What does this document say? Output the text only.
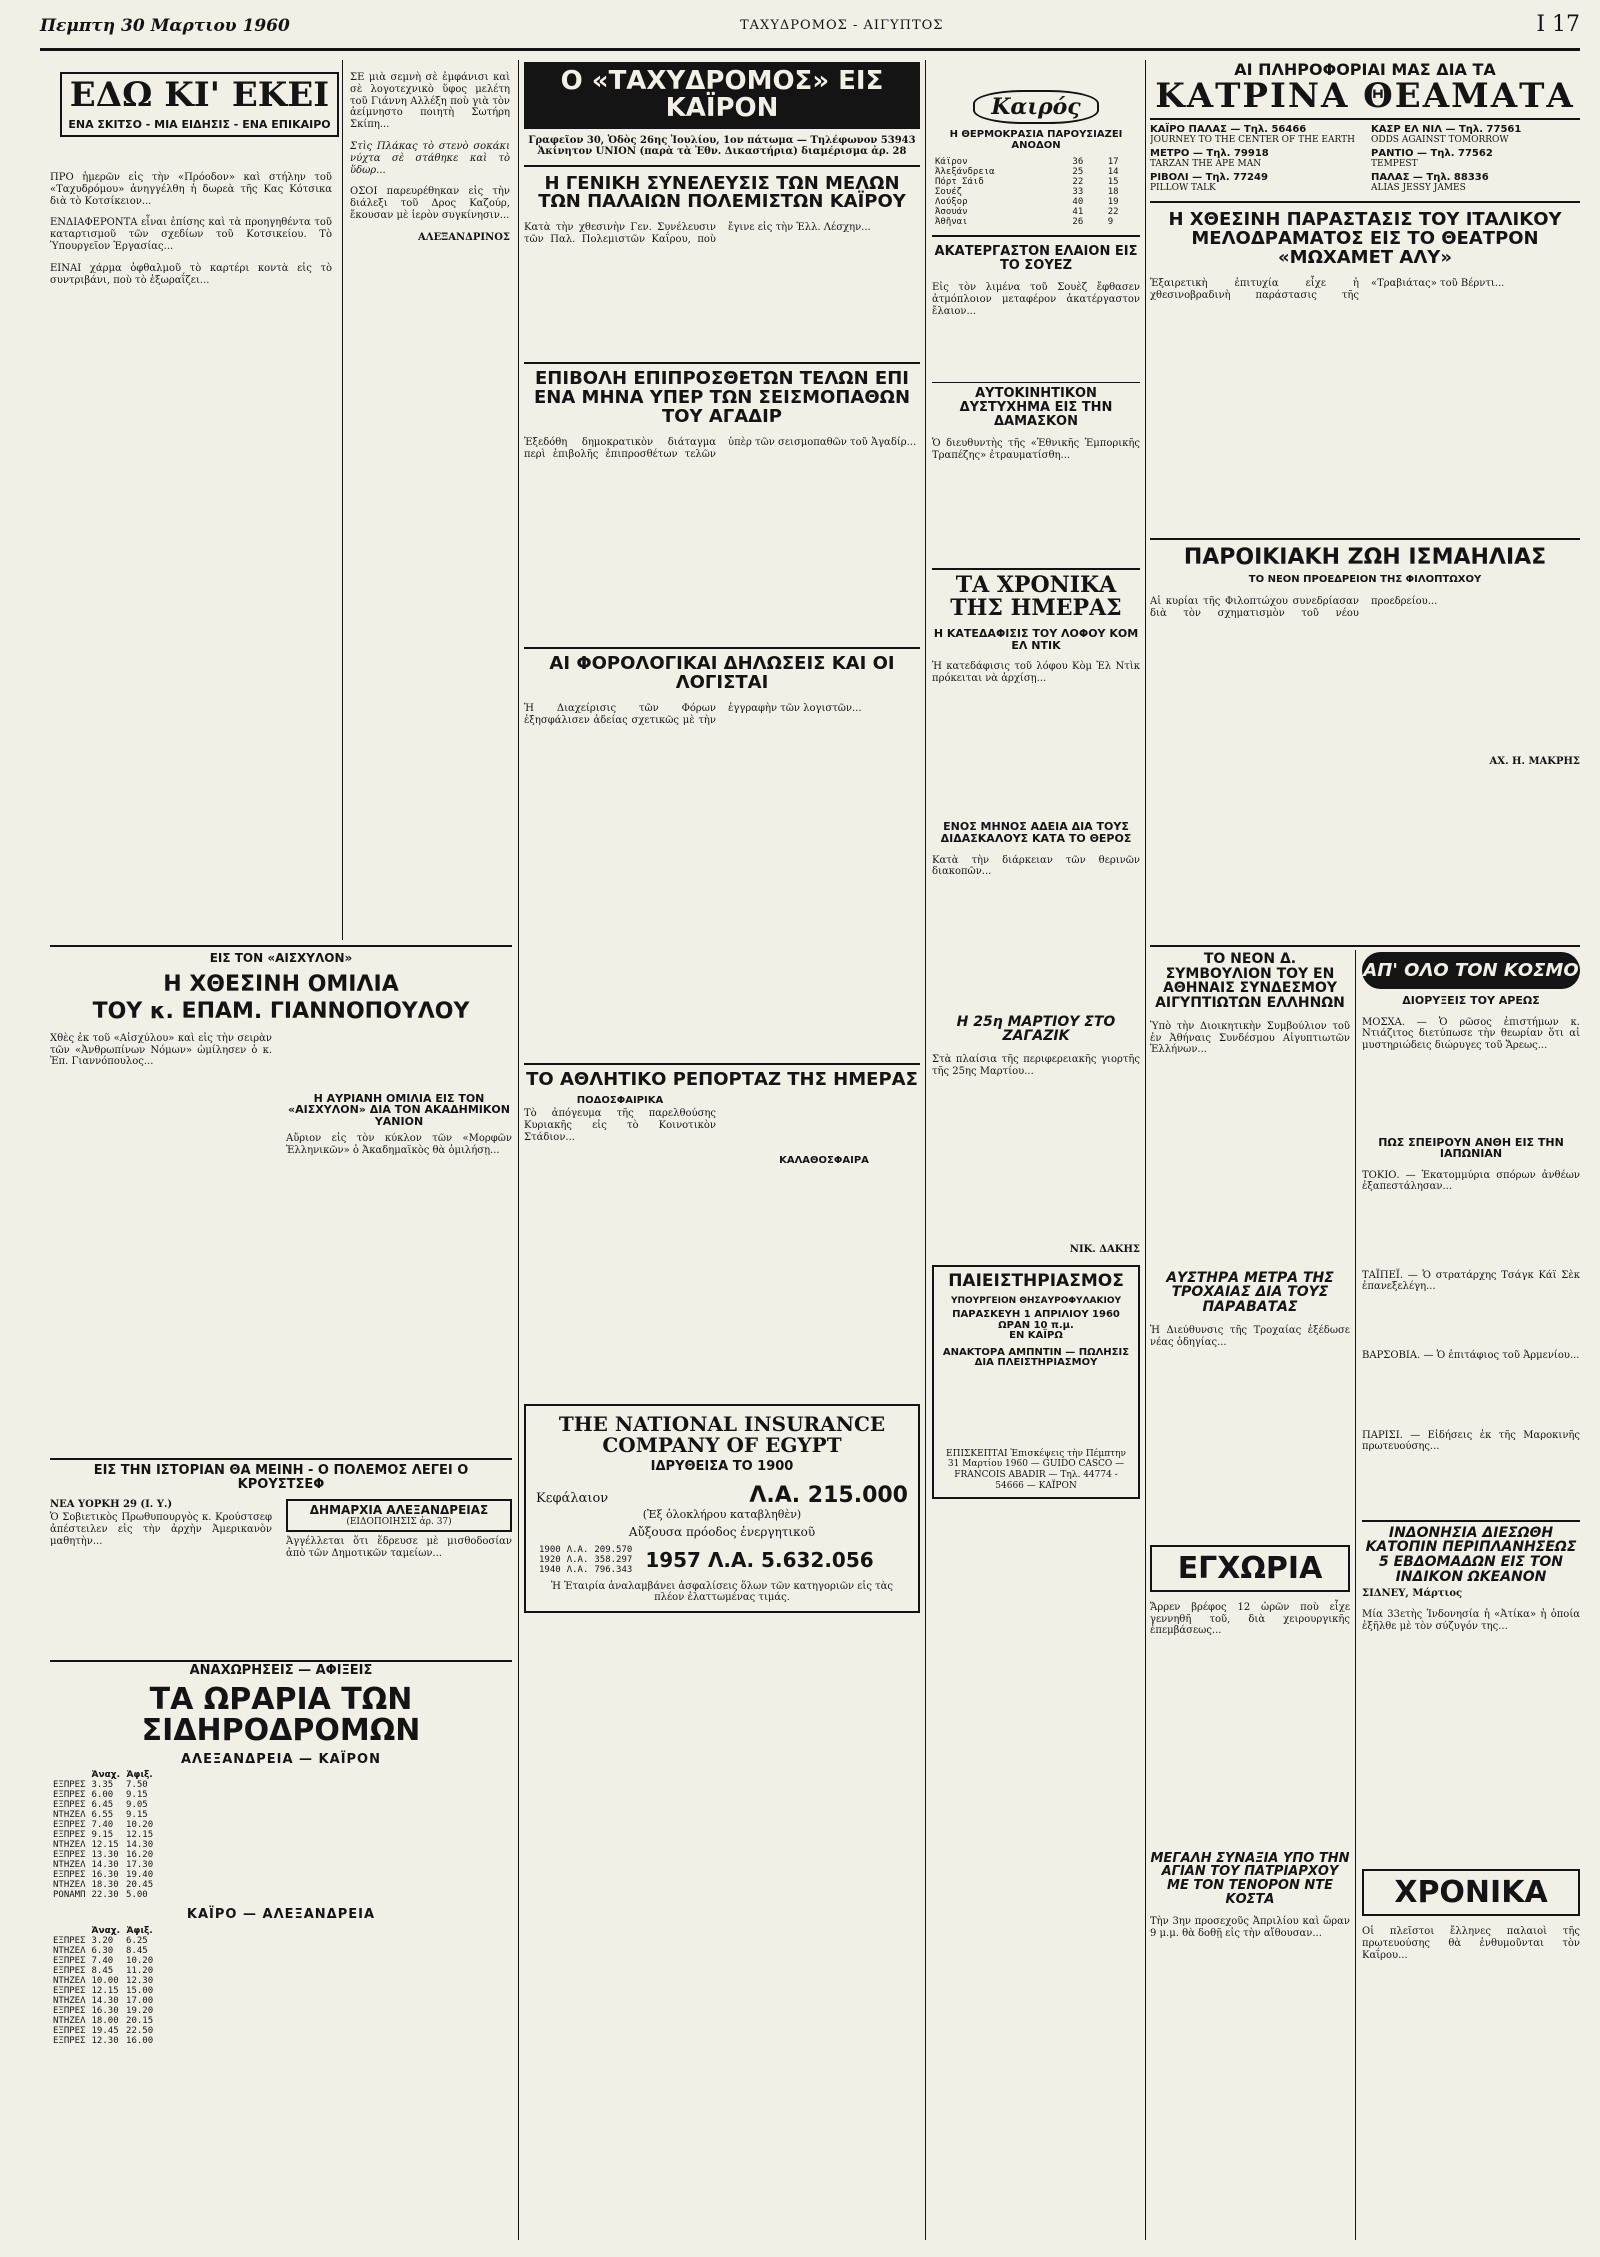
Πεμπτη 30 Μαρτιου 1960	ΤΑΧΥΔΡΟΜΟΣ - ΑΙΓΥΠΤΟΣ	Ι 17
ΕΔΩ ΚΙ' ΕΚΕΙ
ΕΝΑ ΣΚΙΤΣΟ - ΜΙΑ ΕΙΔΗΣΙΣ - ΕΝΑ ΕΠΙΚΑΙΡΟ

ΠΡΟ ἡμερῶν εἰς τὴν «Πρόοδον» καὶ στήλην τοῦ «Ταχυδρόμου» ἀνηγγέλθη ἡ δωρεὰ τῆς Κας Κότσικα διὰ τὸ Κοτσίκειον...

ΕΝΔΙΑΦΕΡΟΝΤΑ εἶναι ἐπίσης καὶ τὰ προηγηθέντα τοῦ καταρτισμοῦ τῶν σχεδίων τοῦ Κοτσικείου. Τὸ Ὑπουργεῖον Ἐργασίας...

ΕΙΝΑΙ χάρμα ὀφθαλμοῦ τὸ καρτέρι κοντὰ εἰς τὸ συντριβάνι, ποὺ τὸ ἐξωραΐζει...

ΣΕ μιὰ σεμνὴ σὲ ἐμφάνισι καὶ σὲ λογοτεχνικὸ ὕφος μελέτη τοῦ Γιάννη Αλλέξη ποὺ γιὰ τὸν ἀείμνηστο ποιητὴ Σωτήρη Σκίπη...

Στὶς Πλάκας τὸ στενὸ σοκάκι νύχτα σὲ στάθηκε καὶ τὸ ὕδωρ...

ΟΣΟΙ παρευρέθηκαν εἰς τὴν διάλεξι τοῦ Δρος Καζούρ, ἔκουσαν μὲ ἱερὸν συγκίνησιν...

ΑΛΕΞΑΝΔΡΙΝΟΣ
ΕΙΣ ΤΟΝ «ΑΙΣΧΥΛΟΝ»
Η ΧΘΕΣΙΝΗ ΟΜΙΛΙΑ
ΤΟΥ κ. ΕΠΑΜ. ΓΙΑΝΝΟΠΟΥΛΟΥ

Χθὲς ἐκ τοῦ «Αἰσχύλου» καὶ εἰς τὴν σειρὰν τῶν «Ἀνθρωπίνων Νόμων» ὡμίλησεν ὁ κ. Ἐπ. Γιαννόπουλος...

Η ΑΥΡΙΑΝΗ ΟΜΙΛΙΑ ΕΙΣ ΤΟΝ «ΑΙΣΧΥΛΟΝ» ΔΙΑ ΤΟΝ ΑΚΑΔΗΜΙΚΟΝ ΥΑΝΙΟΝ

Αὔριον εἰς τὸν κύκλον τῶν «Μορφῶν Ἑλληνικῶν» ὁ Ἀκαδημαϊκὸς θὰ ὁμιλήσῃ...

ΕΙΣ ΤΗΝ ΙΣΤΟΡΙΑΝ ΘΑ ΜΕΙΝΗ - Ο ΠΟΛΕΜΟΣ ΛΕΓΕΙ Ο ΚΡΟΥΣΤΣΕΦ
ΝΕΑ ΥΟΡΚΗ 29 (Ι. Υ.)

Ὁ Σοβιετικὸς Πρωθυπουργὸς κ. Κρούστσεφ ἀπέστειλεν εἰς τὴν ἀρχὴν Ἀμερικανὸν μαθητὴν...

ΔΗΜΑΡΧΙΑ ΑΛΕΞΑΝΔΡΕΙΑΣ
(ΕΙΔΟΠΟΙΗΣΙΣ ἀρ. 37)

Ἀγγέλλεται ὅτι ἕδρευσε μὲ μισθοδοσίαν ἀπὸ τῶν Δημοτικῶν ταμείων...

ΑΝΑΧΩΡΗΣΕΙΣ — ΑΦΙΞΕΙΣ
ΤΑ ΩΡΑΡΙΑ ΤΩΝ ΣΙΔΗΡΟΔΡΟΜΩΝ
ΑΛΕΞΑΝΔΡΕΙΑ — ΚΑΪΡΟΝ
	Ἀναχ.	Ἀφιξ.
ΕΞΠΡΕΣ	3.35	7.50
ΕΞΠΡΕΣ	6.00	9.15
ΕΞΠΡΕΣ	6.45	9.05
ΝΤΗΖΕΛ	6.55	9.15
ΕΞΠΡΕΣ	7.40	10.20
ΕΞΠΡΕΣ	9.15	12.15
ΝΤΗΖΕΛ	12.15	14.30
ΕΞΠΡΕΣ	13.30	16.20
ΝΤΗΖΕΛ	14.30	17.30
ΕΞΠΡΕΣ	16.30	19.40
ΝΤΗΖΕΛ	18.30	20.45
ΡΟΝΑΜΠ	22.30	5.00
ΚΑΪΡΟ — ΑΛΕΞΑΝΔΡΕΙΑ
	Ἀναχ.	Ἀφιξ.
ΕΞΠΡΕΣ	3.20	6.25
ΝΤΗΖΕΛ	6.30	8.45
ΕΞΠΡΕΣ	7.40	10.20
ΕΞΠΡΕΣ	8.45	11.20
ΝΤΗΖΕΛ	10.00	12.30
ΕΞΠΡΕΣ	12.15	15.00
ΝΤΗΖΕΛ	14.30	17.00
ΕΞΠΡΕΣ	16.30	19.20
ΝΤΗΖΕΛ	18.00	20.15
ΕΞΠΡΕΣ	19.45	22.50
ΕΞΠΡΕΣ	12.30	16.00
Ο «ΤΑΧΥΔΡΟΜΟΣ» ΕΙΣ ΚΑΪΡΟΝ
Γραφεῖον 30, Ὁδὸς 26ης Ἰουλίου, 1ον πάτωμα — Τηλέφωνον 53943
Ἀκίνητον UNION (παρὰ τὰ Ἐθν. Δικαστήρια) διαμέρισμα ἀρ. 28
Η ΓΕΝΙΚΗ ΣΥΝΕΛΕΥΣΙΣ ΤΩΝ ΜΕΛΩΝ ΤΩΝ ΠΑΛΑΙΩΝ ΠΟΛΕΜΙΣΤΩΝ ΚΑΪΡΟΥ

Κατὰ τὴν χθεσινὴν Γεν. Συνέλευσιν τῶν Παλ. Πολεμιστῶν Καΐρου, ποὺ ἔγινε εἰς τὴν Ἑλλ. Λέσχην...

ΕΠΙΒΟΛΗ ΕΠΙΠΡΟΣΘΕΤΩΝ ΤΕΛΩΝ ΕΠΙ ΕΝΑ ΜΗΝΑ ΥΠΕΡ ΤΩΝ ΣΕΙΣΜΟΠΑΘΩΝ ΤΟΥ ΑΓΑΔΙΡ

Ἐξεδόθη δημοκρατικὸν διάταγμα περὶ ἐπιβολῆς ἐπιπροσθέτων τελῶν ὑπὲρ τῶν σεισμοπαθῶν τοῦ Ἀγαδίρ...

ΑΙ ΦΟΡΟΛΟΓΙΚΑΙ ΔΗΛΩΣΕΙΣ ΚΑΙ ΟΙ ΛΟΓΙΣΤΑΙ

Ἡ Διαχείρισις τῶν Φόρων ἐξησφάλισεν ἀδείας σχετικῶς μὲ τὴν ἐγγραφὴν τῶν λογιστῶν...

ΤΟ ΑΘΛΗΤΙΚΟ ΡΕΠΟΡΤΑΖ ΤΗΣ ΗΜΕΡΑΣ
ΠΟΔΟΣΦΑΙΡΙΚΑ

Τὸ ἀπόγευμα τῆς παρελθούσης Κυριακῆς εἰς τὸ Κοινοτικὸν Στάδιον...

ΚΑΛΑΘΟΣΦΑΙΡΑ
THE NATIONAL INSURANCE
COMPANY OF EGYPT
ΙΔΡΥΘΕΙΣΑ ΤΟ 1900
Κεφάλαιον	Λ.Α. 215.000
(Ἐξ ὁλοκλήρου καταβληθὲν)
Αὔξουσα πρόοδος ἐνεργητικοῦ
1900	Λ.Α.	209.570
1920	Λ.Α.	358.297
1940	Λ.Α.	796.343 1957 Λ.Α. 5.632.056
Ἡ Ἑταιρία ἀναλαμβάνει ἀσφαλίσεις ὅλων τῶν κατηγοριῶν εἰς τὰς πλέον ἐλαττωμένας τιμάς.
Καιρός
Η ΘΕΡΜΟΚΡΑΣΙΑ ΠΑΡΟΥΣΙΑΖΕΙ ΑΝΟΔΟΝ
Κάϊρον	36	17
Ἀλεξάνδρεια	25	14
Πόρτ Σάιδ	22	15
Σουέζ	33	18
Λούξορ	40	19
Ἀσουάν	41	22
Ἀθῆναι	26	9
ΑΚΑΤΕΡΓΑΣΤΟΝ ΕΛΑΙΟΝ ΕΙΣ ΤΟ ΣΟΥΕΖ

Εἰς τὸν λιμένα τοῦ Σουὲζ ἔφθασεν ἀτμόπλοιον μεταφέρον ἀκατέργαστον ἔλαιον...

ΑΥΤΟΚΙΝΗΤΙΚΟΝ ΔΥΣΤΥΧΗΜΑ ΕΙΣ ΤΗΝ ΔΑΜΑΣΚΟΝ

Ὁ διευθυντὴς τῆς «Ἐθνικῆς Ἐμπορικῆς Τραπέζης» ἐτραυματίσθη...

ΤΑ ΧΡΟΝΙΚΑ ΤΗΣ ΗΜΕΡΑΣ
Η ΚΑΤΕΔΑΦΙΣΙΣ ΤΟΥ ΛΟΦΟΥ ΚΟΜ ΕΛ ΝΤΙΚ

Ἡ κατεδάφισις τοῦ λόφου Κὸμ Ἐλ Ντὶκ πρόκειται νὰ ἀρχίσῃ...

ΕΝΟΣ ΜΗΝΟΣ ΑΔΕΙΑ ΔΙΑ ΤΟΥΣ ΔΙΔΑΣΚΑΛΟΥΣ ΚΑΤΑ ΤΟ ΘΕΡΟΣ

Κατὰ τὴν διάρκειαν τῶν θερινῶν διακοπῶν...

Η 25η ΜΑΡΤΙΟΥ ΣΤΟ ΖΑΓΑΖΙΚ

Στὰ πλαίσια τῆς περιφερειακῆς γιορτῆς τῆς 25ης Μαρτίου...

ΝΙΚ. ΔΑΚΗΣ
ΠΑΙΕΙΣΤΗΡΙΑΣΜΟΣ
ΥΠΟΥΡΓΕΙΟΝ ΘΗΣΑΥΡΟΦΥΛΑΚΙΟΥ
ΠΑΡΑΣΚΕΥΗ 1 ΑΠΡΙΛΙΟΥ 1960 ΩΡΑΝ 10 π.μ.
ΕΝ ΚΑΪΡΩ
ΑΝΑΚΤΟΡΑ ΑΜΠΝΤΙΝ — ΠΩΛΗΣΙΣ ΔΙΑ ΠΛΕΙΣΤΗΡΙΑΣΜΟΥ
ΕΠΙΣΚΕΠΤΑΙ Ἐπισκέψεις τὴν Πέμπτην 31 Μαρτίου 1960 — GUIDO CASCO — FRANCOIS ABADIR — Τηλ. 44774 - 54666 — ΚΑΪΡΟΝ
ΑΙ ΠΛΗΡΟΦΟΡΙΑΙ ΜΑΣ ΔΙΑ ΤΑ
ΚΑΤΡΙΝΑ ΘΕΑΜΑΤΑ
ΚΑΪΡΟ ΠΑΛΑΣ — Τηλ. 56466
JOURNEY TO THE CENTER OF THE EARTH
ΚΑΣΡ ΕΛ ΝΙΛ — Τηλ. 77561
ODDS AGAINST TOMORROW
ΜΕΤΡΟ — Τηλ. 79918
TARZAN THE APE MAN
ΡΑΝΤΙΟ — Τηλ. 77562
TEMPEST
ΡΙΒΟΛΙ — Τηλ. 77249
PILLOW TALK
ΠΑΛΑΣ — Τηλ. 88336
ALIAS JESSY JAMES
Η ΧΘΕΣΙΝΗ ΠΑΡΑΣΤΑΣΙΣ ΤΟΥ ΙΤΑΛΙΚΟΥ ΜΕΛΟΔΡΑΜΑΤΟΣ ΕΙΣ ΤΟ ΘΕΑΤΡΟΝ «ΜΩΧΑΜΕΤ ΑΛΥ»

Ἐξαιρετικὴ ἐπιτυχία εἶχε ἡ χθεσινοβραδινὴ παράστασις τῆς «Τραβιάτας» τοῦ Βέρντι...

ΠΑΡΟΙΚΙΑΚΗ ΖΩΗ ΙΣΜΑΗΛΙΑΣ
ΤΟ ΝΕΟΝ ΠΡΟΕΔΡΕΙΟΝ ΤΗΣ ΦΙΛΟΠΤΩΧΟΥ

Αἱ κυρίαι τῆς Φιλοπτώχου συνεδρίασαν διὰ τὸν σχηματισμὸν τοῦ νέου προεδρείου...

ΑΧ. Η. ΜΑΚΡΗΣ
ΤΟ ΝΕΟΝ Δ. ΣΥΜΒΟΥΛΙΟΝ ΤΟΥ ΕΝ ΑΘΗΝΑΙΣ ΣΥΝΔΕΣΜΟΥ ΑΙΓΥΠΤΙΩΤΩΝ ΕΛΛΗΝΩΝ

Ὑπὸ τὴν Διοικητικὴν Συμβούλιον τοῦ ἐν Ἀθήναις Συνδέσμου Αἰγυπτιωτῶν Ἑλλήνων...

ΑΥΣΤΗΡΑ ΜΕΤΡΑ ΤΗΣ ΤΡΟΧΑΙΑΣ ΔΙΑ ΤΟΥΣ ΠΑΡΑΒΑΤΑΣ

Ἡ Διεύθυνσις τῆς Τροχαίας ἐξέδωσε νέας ὁδηγίας...

ΕΓΧΩΡΙΑ

Ἄρρεν βρέφος 12 ὡρῶν ποὺ εἶχε γεννηθῆ τοῦ, διὰ χειρουργικῆς ἐπεμβάσεως...

ΜΕΓΑΛΗ ΣΥΝΑΞΙΑ ΥΠΟ ΤΗΝ ΑΓΙΑΝ ΤΟΥ ΠΑΤΡΙΑΡΧΟΥ ΜΕ ΤΟΝ ΤΕΝΟΡΟΝ ΝΤΕ ΚΟΣΤΑ

Τὴν 3ην προσεχοῦς Ἀπριλίου καὶ ὥραν 9 μ.μ. θὰ δοθῇ εἰς τὴν αἴθουσαν...

ΑΠ' ΟΛΟ ΤΟΝ ΚΟΣΜΟ
ΔΙΟΡΥΞΕΙΣ ΤΟΥ ΑΡΕΩΣ

ΜΟΣΧΑ. — Ὁ ρῶσος ἐπιστήμων κ. Ντιάζιτος διετύπωσε τὴν θεωρίαν ὅτι αἱ μυστηριώδεις διώρυγες τοῦ Ἄρεως...

ΠΩΣ ΣΠΕΙΡΟΥΝ ΑΝΘΗ ΕΙΣ ΤΗΝ ΙΑΠΩΝΙΑΝ

ΤΟΚΙΟ. — Ἑκατομμύρια σπόρων ἀνθέων ἐξαπεστάλησαν...

ΤΑΪΠΕΪ. — Ὁ στρατάρχης Τσάγκ Κάϊ Σὲκ ἐπανεξελέγη...

ΒΑΡΣΟΒΙΑ. — Ὁ ἐπιτάφιος τοῦ Ἀρμενίου...

ΠΑΡΙΣΙ. — Εἰδήσεις ἐκ τῆς Μαροκινῆς πρωτευούσης...

ΙΝΔΟΝΗΣΙΑ ΔΙΕΣΩΘΗ ΚΑΤΟΠΙΝ ΠΕΡΙΠΛΑΝΗΣΕΩΣ 5 ΕΒΔΟΜΑΔΩΝ ΕΙΣ ΤΟΝ ΙΝΔΙΚΟΝ ΩΚΕΑΝΟΝ
ΣΙΔΝΕΥ, Μάρτιος

Μία 33ετὴς Ἰνδονησία ἡ «Ἀτίκα» ἡ ὁποία ἐξῆλθε μὲ τὸν σύζυγόν της...

ΧΡΟΝΙΚΑ

Οἱ πλεῖστοι ἔλληνες παλαιοὶ τῆς πρωτευούσης θὰ ἐνθυμοῦνται τὸν Καΐρου...
